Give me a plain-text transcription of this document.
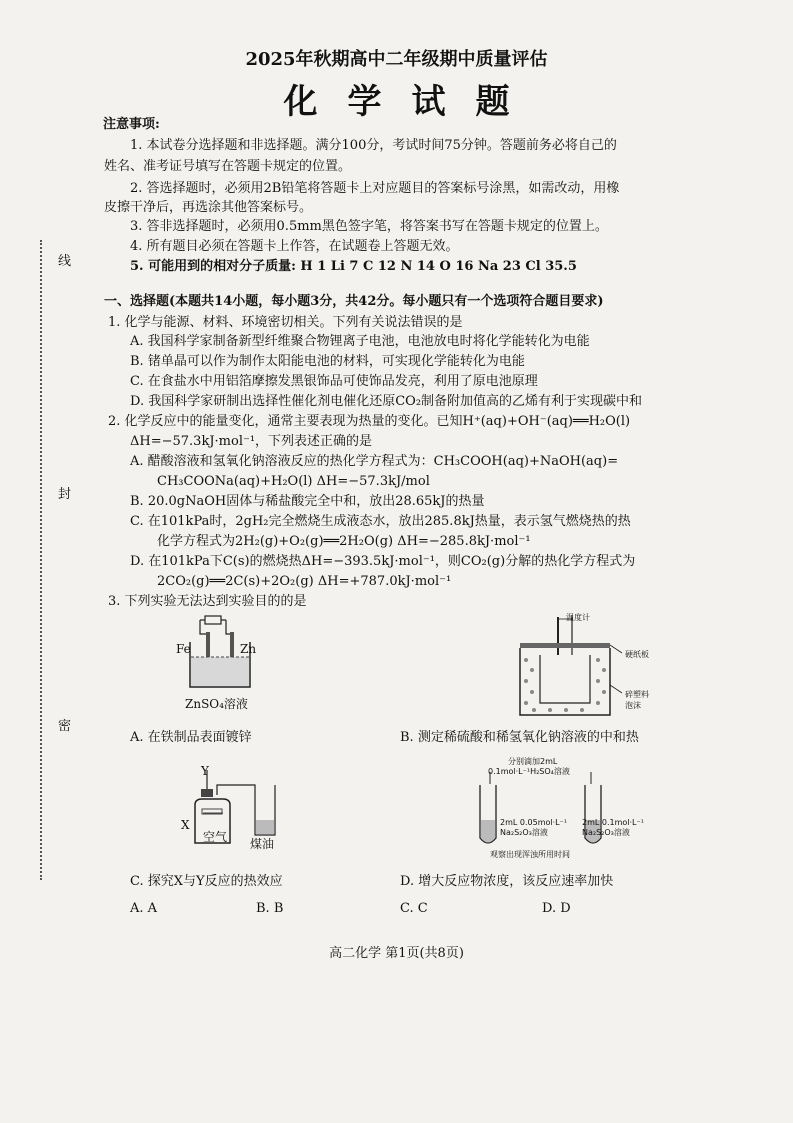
2025年秋期高中二年级期中质量评估
化学试题
注意事项:
1. 本试卷分选择题和非选择题。满分100分，考试时间75分钟。答题前务必将自己的
姓名、准考证号填写在答题卡规定的位置。
2. 答选择题时，必须用2B铅笔将答题卡上对应题目的答案标号涂黑，如需改动，用橡
皮擦干净后，再选涂其他答案标号。
3. 答非选择题时，必须用0.5mm黑色签字笔，将答案书写在答题卡规定的位置上。
4. 所有题目必须在答题卡上作答，在试题卷上答题无效。
5. 可能用到的相对分子质量: H 1 Li 7 C 12 N 14 O 16 Na 23 Cl 35.5
线
封
密
一、选择题(本题共14小题，每小题3分，共42分。每小题只有一个选项符合题目要求)
1. 化学与能源、材料、环境密切相关。下列有关说法错误的是
A. 我国科学家制备新型纤维聚合物锂离子电池，电池放电时将化学能转化为电能
B. 锗单晶可以作为制作太阳能电池的材料，可实现化学能转化为电能
C. 在食盐水中用铝箔摩擦发黑银饰品可使饰品发亮，利用了原电池原理
D. 我国科学家研制出选择性催化剂电催化还原CO₂制备附加值高的乙烯有利于实现碳中和
2. 化学反应中的能量变化，通常主要表现为热量的变化。已知H⁺(aq)+OH⁻(aq)══H₂O(l)
ΔH=−57.3kJ·mol⁻¹，下列表述正确的是
A. 醋酸溶液和氢氧化钠溶液反应的热化学方程式为：CH₃COOH(aq)+NaOH(aq)=
CH₃COONa(aq)+H₂O(l) ΔH=−57.3kJ/mol
B. 20.0gNaOH固体与稀盐酸完全中和，放出28.65kJ的热量
C. 在101kPa时，2gH₂完全燃烧生成液态水，放出285.8kJ热量，表示氢气燃烧热的热
化学方程式为2H₂(g)+O₂(g)══2H₂O(g) ΔH=−285.8kJ·mol⁻¹
D. 在101kPa下C(s)的燃烧热ΔH=−393.5kJ·mol⁻¹，则CO₂(g)分解的热化学方程式为
2CO₂(g)══2C(s)+2O₂(g) ΔH=+787.0kJ·mol⁻¹
3. 下列实验无法达到实验目的的是
Fe	Zn
ZnSO₄溶液
温度计
硬纸板
碎塑料
泡沫
A. 在铁制品表面镀锌	B. 测定稀硫酸和稀氢氧化钠溶液的中和热
Y
X
空气 煤油
分别滴加2mL
0.1mol·L⁻¹H₂SO₄溶液
2mL 0.05mol·L⁻¹
Na₂S₂O₃溶液
2mL 0.1mol·L⁻¹
Na₂S₂O₃溶液
观察出现浑浊所用时间
C. 探究X与Y反应的热效应	D. 增大反应物浓度，该反应速率加快
A. A	B. B	C. C	D. D
高二化学 第1页(共8页)
